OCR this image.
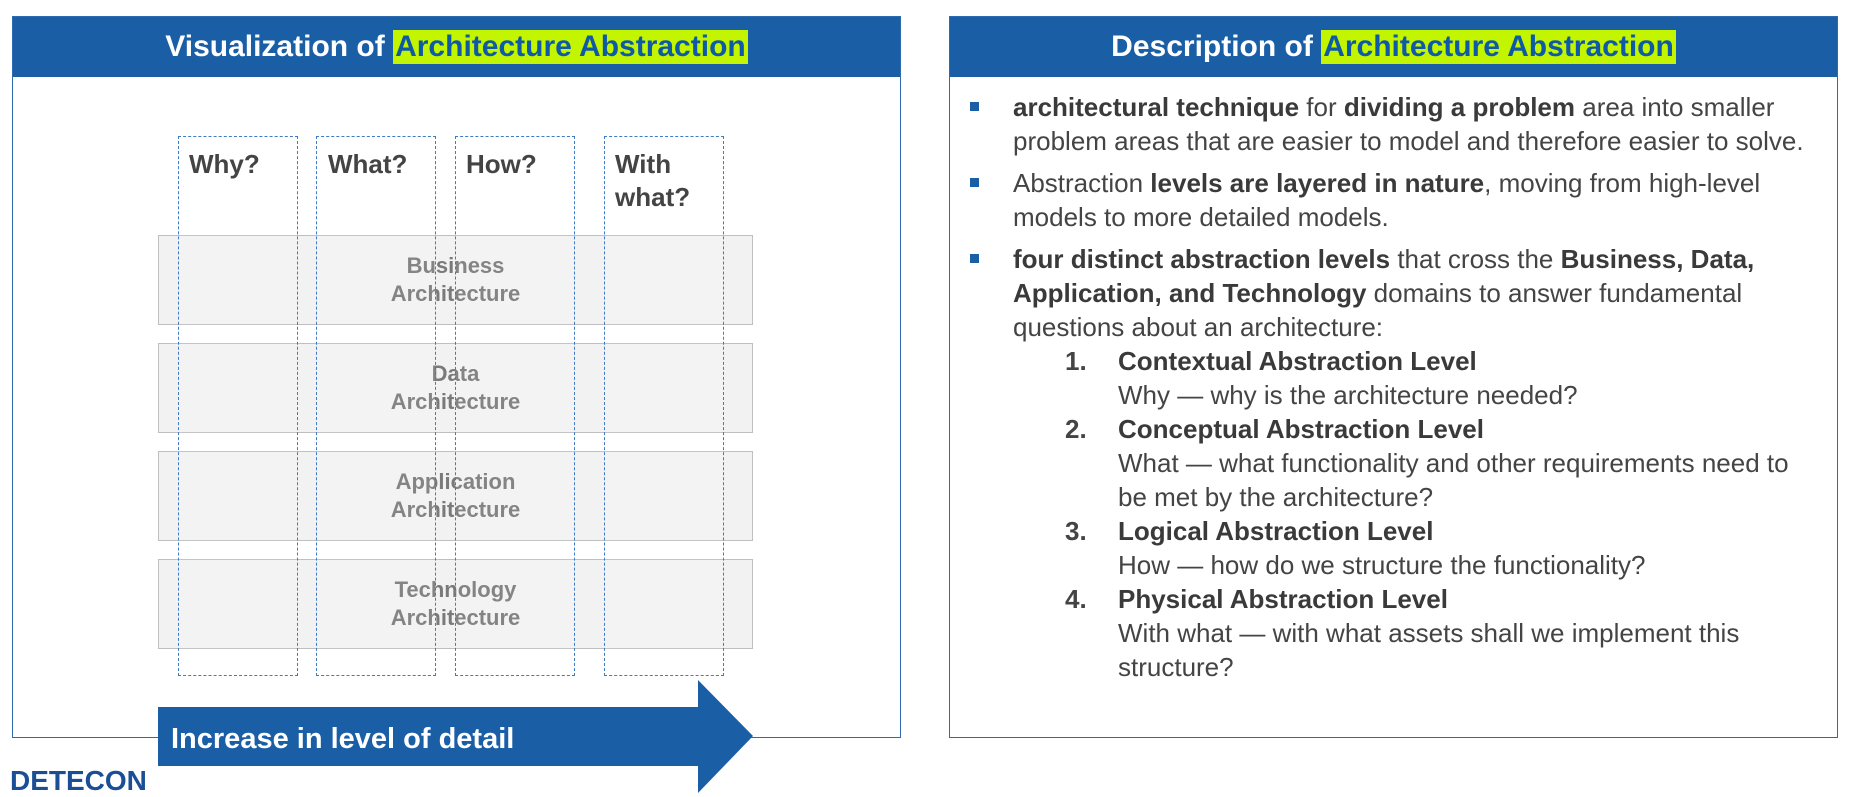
Visualization of
Architecture Abstraction
Business
Architecture
Data
Architecture
Application
Architecture
Technology
Architecture
Why?	What? How?	With what?
Increase in level of detail
DETECON
Description of
Architecture Abstraction
architectural technique for dividing a problem area into smaller problem areas that are easier to model and therefore easier to solve.
Abstraction levels are layered in nature, moving from high-level models to more detailed models.
four distinct abstraction levels that cross the Business, Data, Application, and Technology domains to answer fundamental questions about an architecture:
1. Contextual Abstraction Level
Why — why is the architecture needed?
2. Conceptual Abstraction Level
What — what functionality and other requirements need to be met by the architecture?
3. Logical Abstraction Level
How — how do we structure the functionality?
4. Physical Abstraction Level
With what — with what assets shall we implement this structure?
